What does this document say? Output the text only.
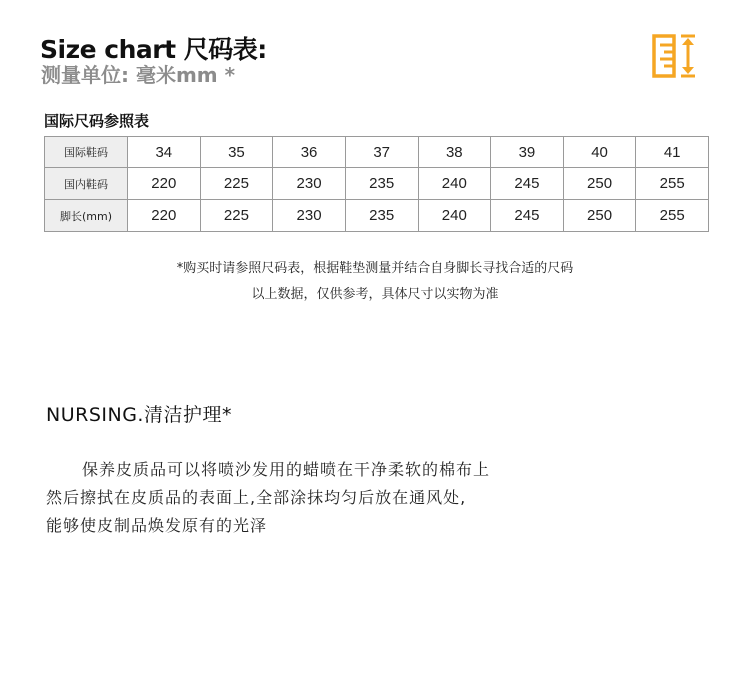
Size chart 尺码表:
测量单位: 毫米mm *
国际尺码参照表
国际鞋码	34	35	36	37	38	39	40	41
国内鞋码	220	225	230	235	240	245	250	255
脚长(mm)	220	225	230	235	240	245	250	255
*购买时请参照尺码表，根据鞋垫测量并结合自身脚长寻找合适的尺码
以上数据，仅供参考，具体尺寸以实物为准
NURSING.清洁护理*
保养皮质品可以将喷沙发用的蜡喷在干净柔软的棉布上
然后擦拭在皮质品的表面上,全部涂抹均匀后放在通风处,
能够使皮制品焕发原有的光泽
